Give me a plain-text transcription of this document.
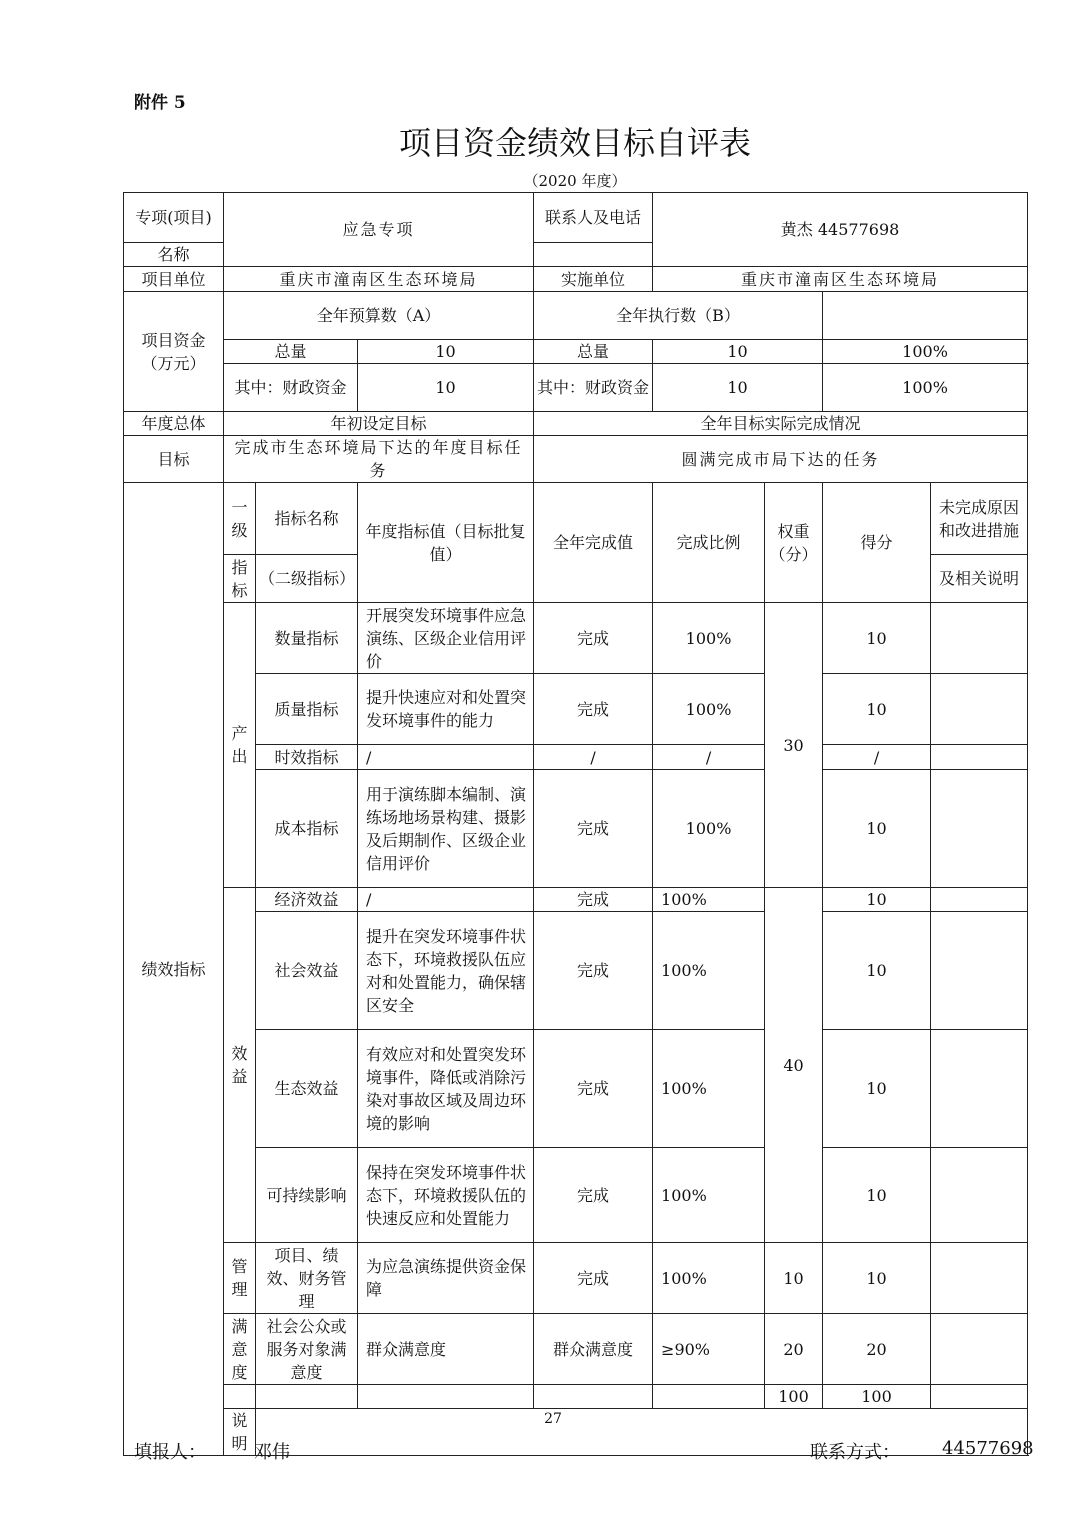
附件 5
项目资金绩效目标自评表
（2020 年度）
专项(项目)	应急专项			联系人及电话	黄杰 44577698			
名称								
项目单位	重庆市潼南区生态环境局			实施单位	重庆市潼南区生态环境局			
项目资金（万元）	全年预算数（A）			全年执行数（B）				
	总量		10	总量	10		100%	
	其中：财政资金		10	其中：财政资金	10		100%	
年度总体	年初设定目标			全年目标实际完成情况				
目标	完成市生态环境局下达的年度目标任务			圆满完成市局下达的任务				
绩效指标	一级	指标名称	年度指标值（目标批复值）	全年完成值	完成比例	权重（分）	得分	未完成原因和改进措施
	指标	（二级指标）						及相关说明
	产出	数量指标	开展突发环境事件应急演练、区级企业信用评价	完成	100%	30	10	
		质量指标	提升快速应对和处置突发环境事件的能力	完成	100%		10	
		时效指标	/	/	/		/	
		成本指标	用于演练脚本编制、演练场地场景构建、摄影及后期制作、区级企业信用评价	完成	100%		10	
	效益	经济效益	/	完成	100%	40	10	
		社会效益	提升在突发环境事件状态下，环境救援队伍应对和处置能力，确保辖区安全	完成	100%		10	
		生态效益	有效应对和处置突发环境事件，降低或消除污染对事故区域及周边环境的影响	完成	100%		10	
		可持续影响	保持在突发环境事件状态下，环境救援队伍的快速反应和处置能力	完成	100%		10	
	管理	项目、绩效、财务管理	为应急演练提供资金保障	完成	100%	10	10	
	满意度	社会公众或服务对象满意度	群众满意度	群众满意度	≥90%	20	20	
						100	100	
	说明							
27
填报人：	邓伟	联系方式： 44577698
